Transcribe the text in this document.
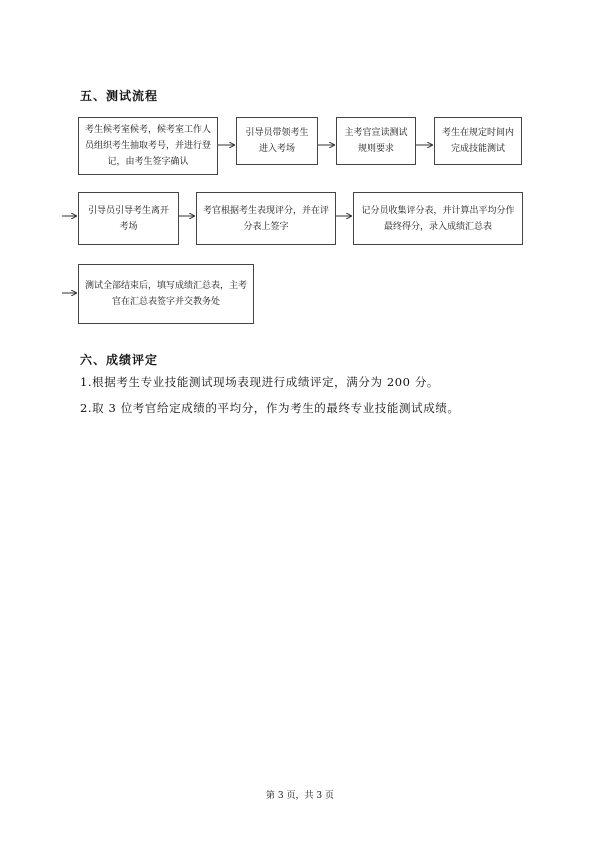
五、测试流程
考生候考室候考，候考室工作人员组织考生抽取考号，并进行登记，由考生签字确认
引导员带领考生进入考场
主考官宣读测试规则要求
考生在规定时间内完成技能测试
引导员引导考生离开考场
考官根据考生表现评分，并在评分表上签字
记分员收集评分表，并计算出平均分作最终得分，录入成绩汇总表
测试全部结束后，填写成绩汇总表，主考官在汇总表签字并交教务处
六、成绩评定
1.根据考生专业技能测试现场表现进行成绩评定，满分为 200 分。
2.取 3 位考官给定成绩的平均分，作为考生的最终专业技能测试成绩。
第 3 页，共 3 页
